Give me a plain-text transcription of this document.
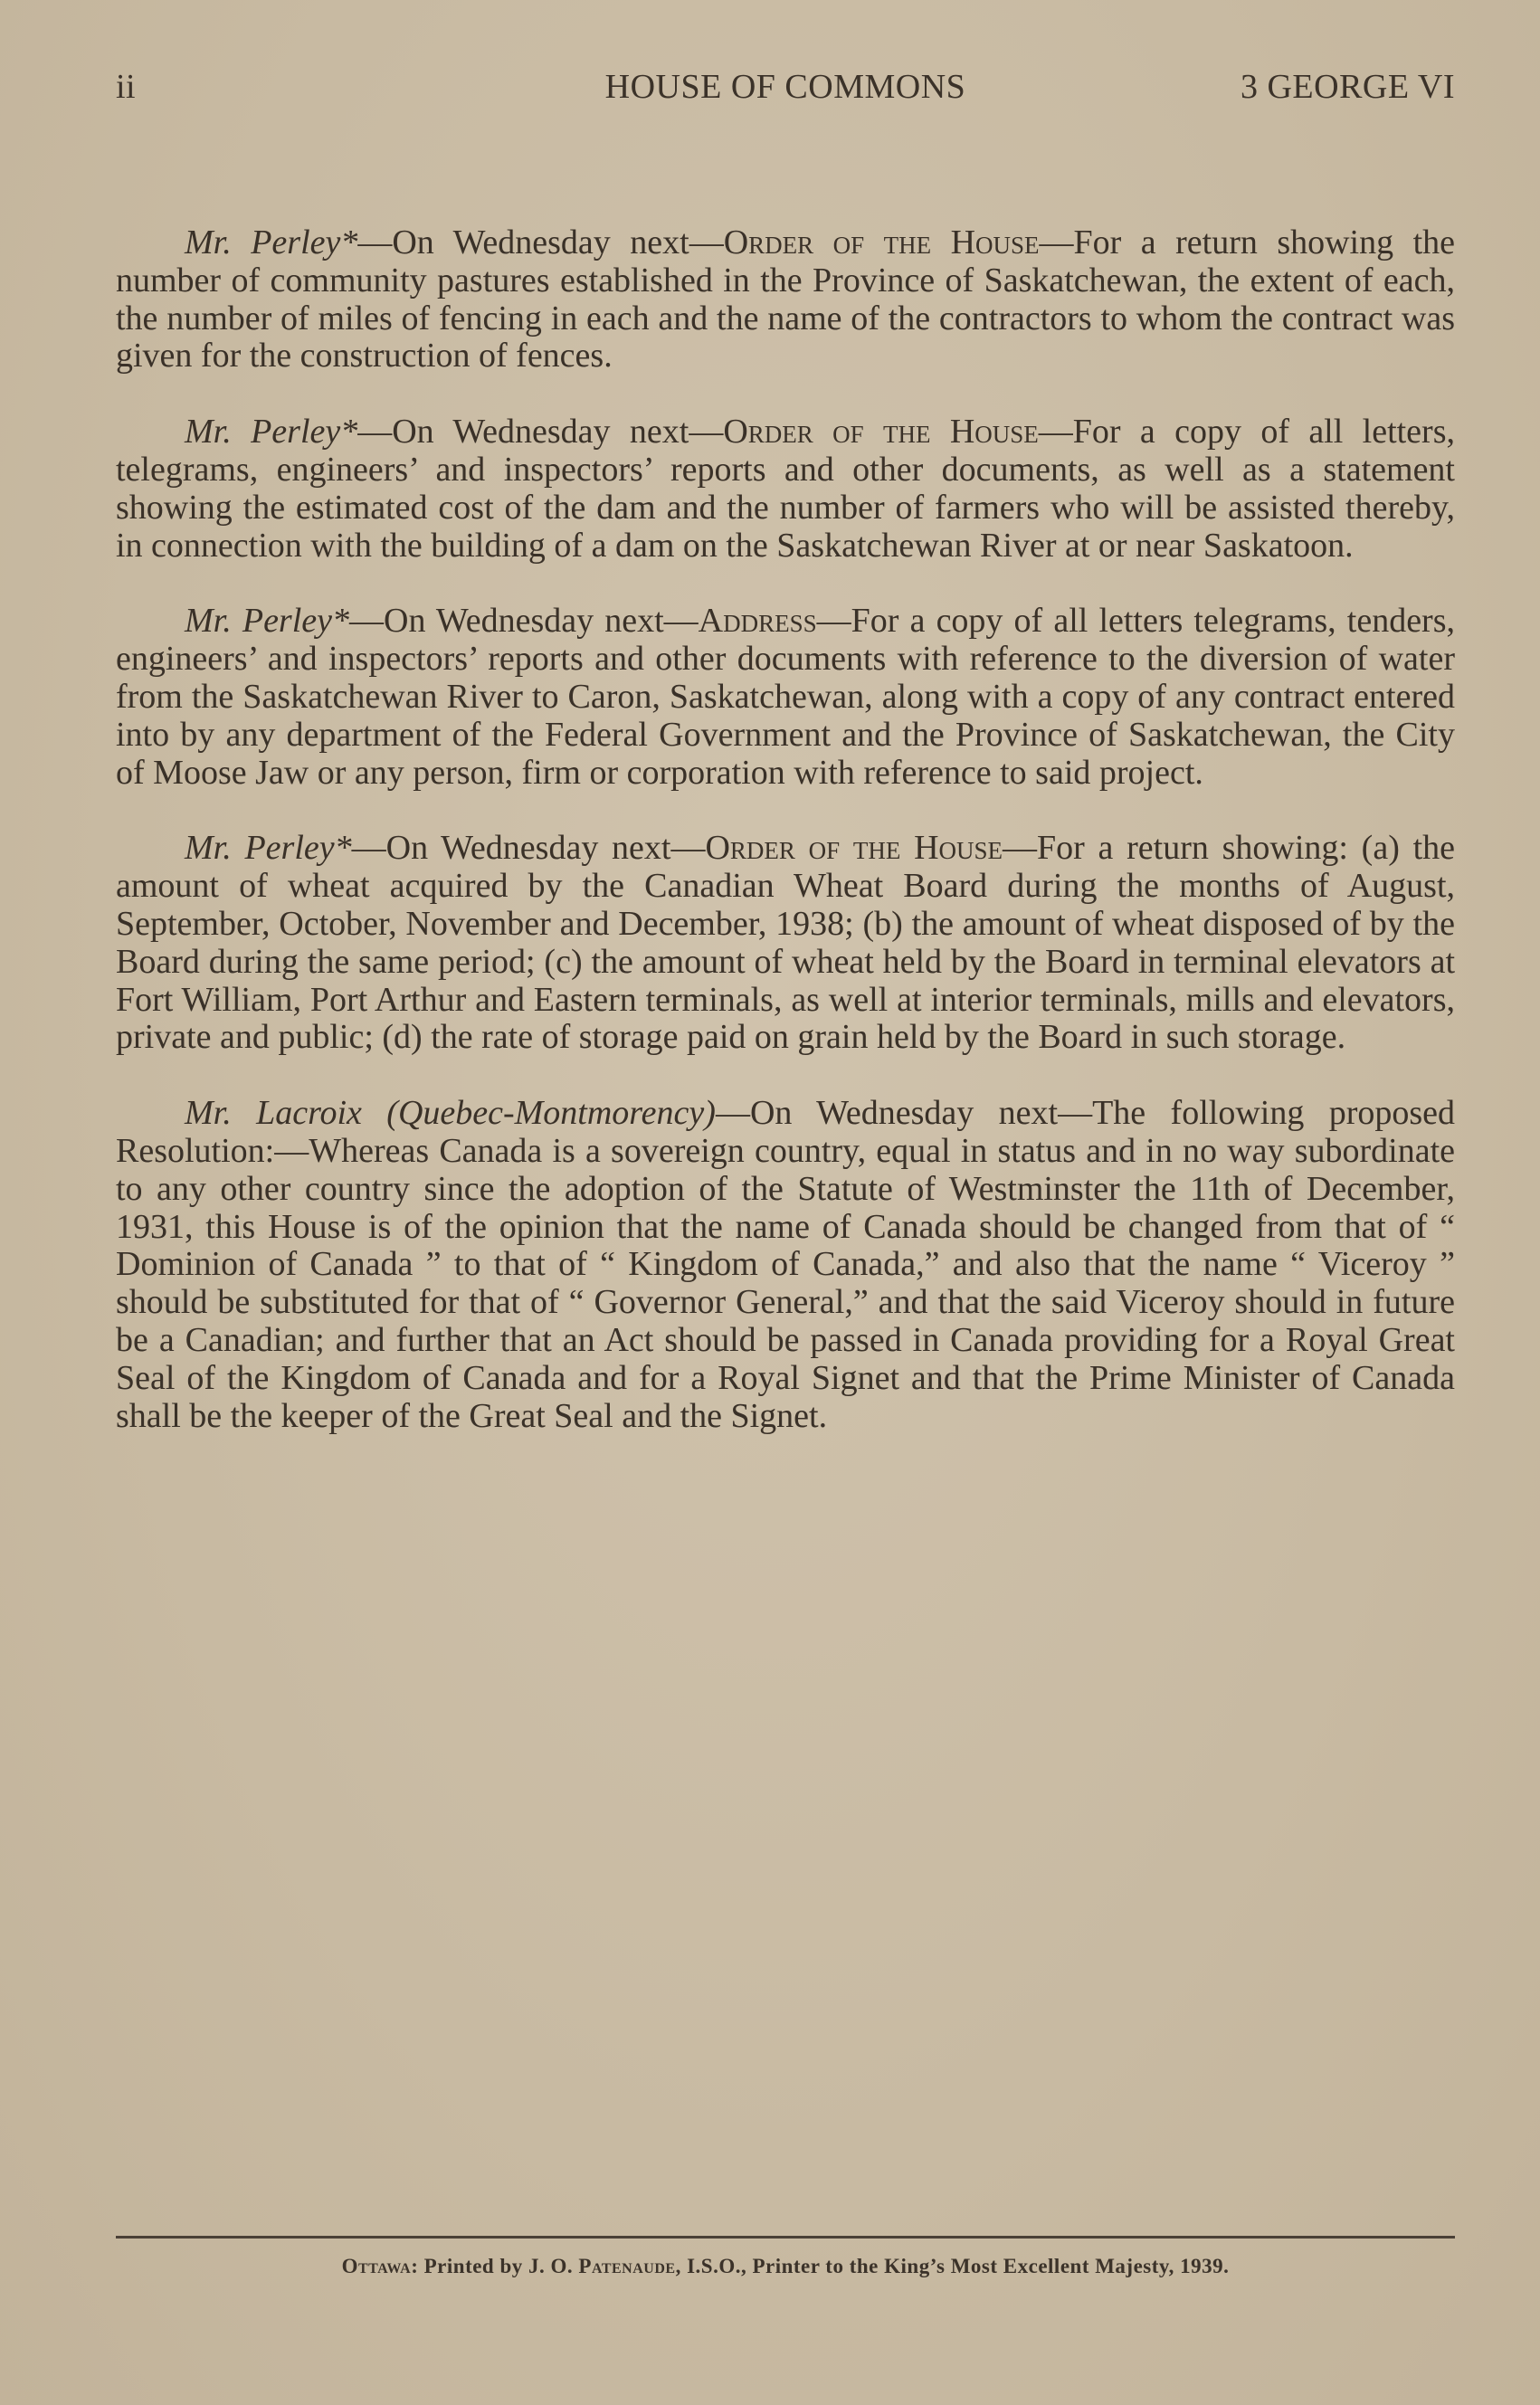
ii	HOUSE OF COMMONS	3 GEORGE VI

Mr. Perley*—On Wednesday next—Order of the House—For a return showing the number of community pastures established in the Province of Saskatchewan, the extent of each, the number of miles of fencing in each and the name of the contractors to whom the contract was given for the construction of fences.

Mr. Perley*—On Wednesday next—Order of the House—For a copy of all letters, telegrams, engineers’ and inspectors’ reports and other documents, as well as a statement showing the estimated cost of the dam and the number of farmers who will be assisted thereby, in connection with the building of a dam on the Saskatchewan River at or near Saskatoon.

Mr. Perley*—On Wednesday next—Address—For a copy of all letters telegrams, tenders, engineers’ and inspectors’ reports and other documents with reference to the diversion of water from the Saskatchewan River to Caron, Saskatchewan, along with a copy of any contract entered into by any department of the Federal Government and the Province of Saskatchewan, the City of Moose Jaw or any person, firm or corporation with reference to said project.

Mr. Perley*—On Wednesday next—Order of the House—For a return showing: (a) the amount of wheat acquired by the Canadian Wheat Board during the months of August, September, October, November and December, 1938; (b) the amount of wheat disposed of by the Board during the same period; (c) the amount of wheat held by the Board in terminal elevators at Fort William, Port Arthur and Eastern terminals, as well at interior terminals, mills and elevators, private and public; (d) the rate of storage paid on grain held by the Board in such storage.

Mr. Lacroix (Quebec-Montmorency)—On Wednesday next—The following proposed Resolution:—Whereas Canada is a sovereign country, equal in status and in no way subordinate to any other country since the adoption of the Statute of Westminster the 11th of December, 1931, this House is of the opinion that the name of Canada should be changed from that of “ Dominion of Canada ” to that of “ Kingdom of Canada,” and also that the name “ Viceroy ” should be substituted for that of “ Governor General,” and that the said Viceroy should in future be a Canadian; and further that an Act should be passed in Canada providing for a Royal Great Seal of the Kingdom of Canada and for a Royal Signet and that the Prime Minister of Canada shall be the keeper of the Great Seal and the Signet.

Ottawa: Printed by J. O. Patenaude, I.S.O., Printer to the King’s Most Excellent Majesty, 1939.
